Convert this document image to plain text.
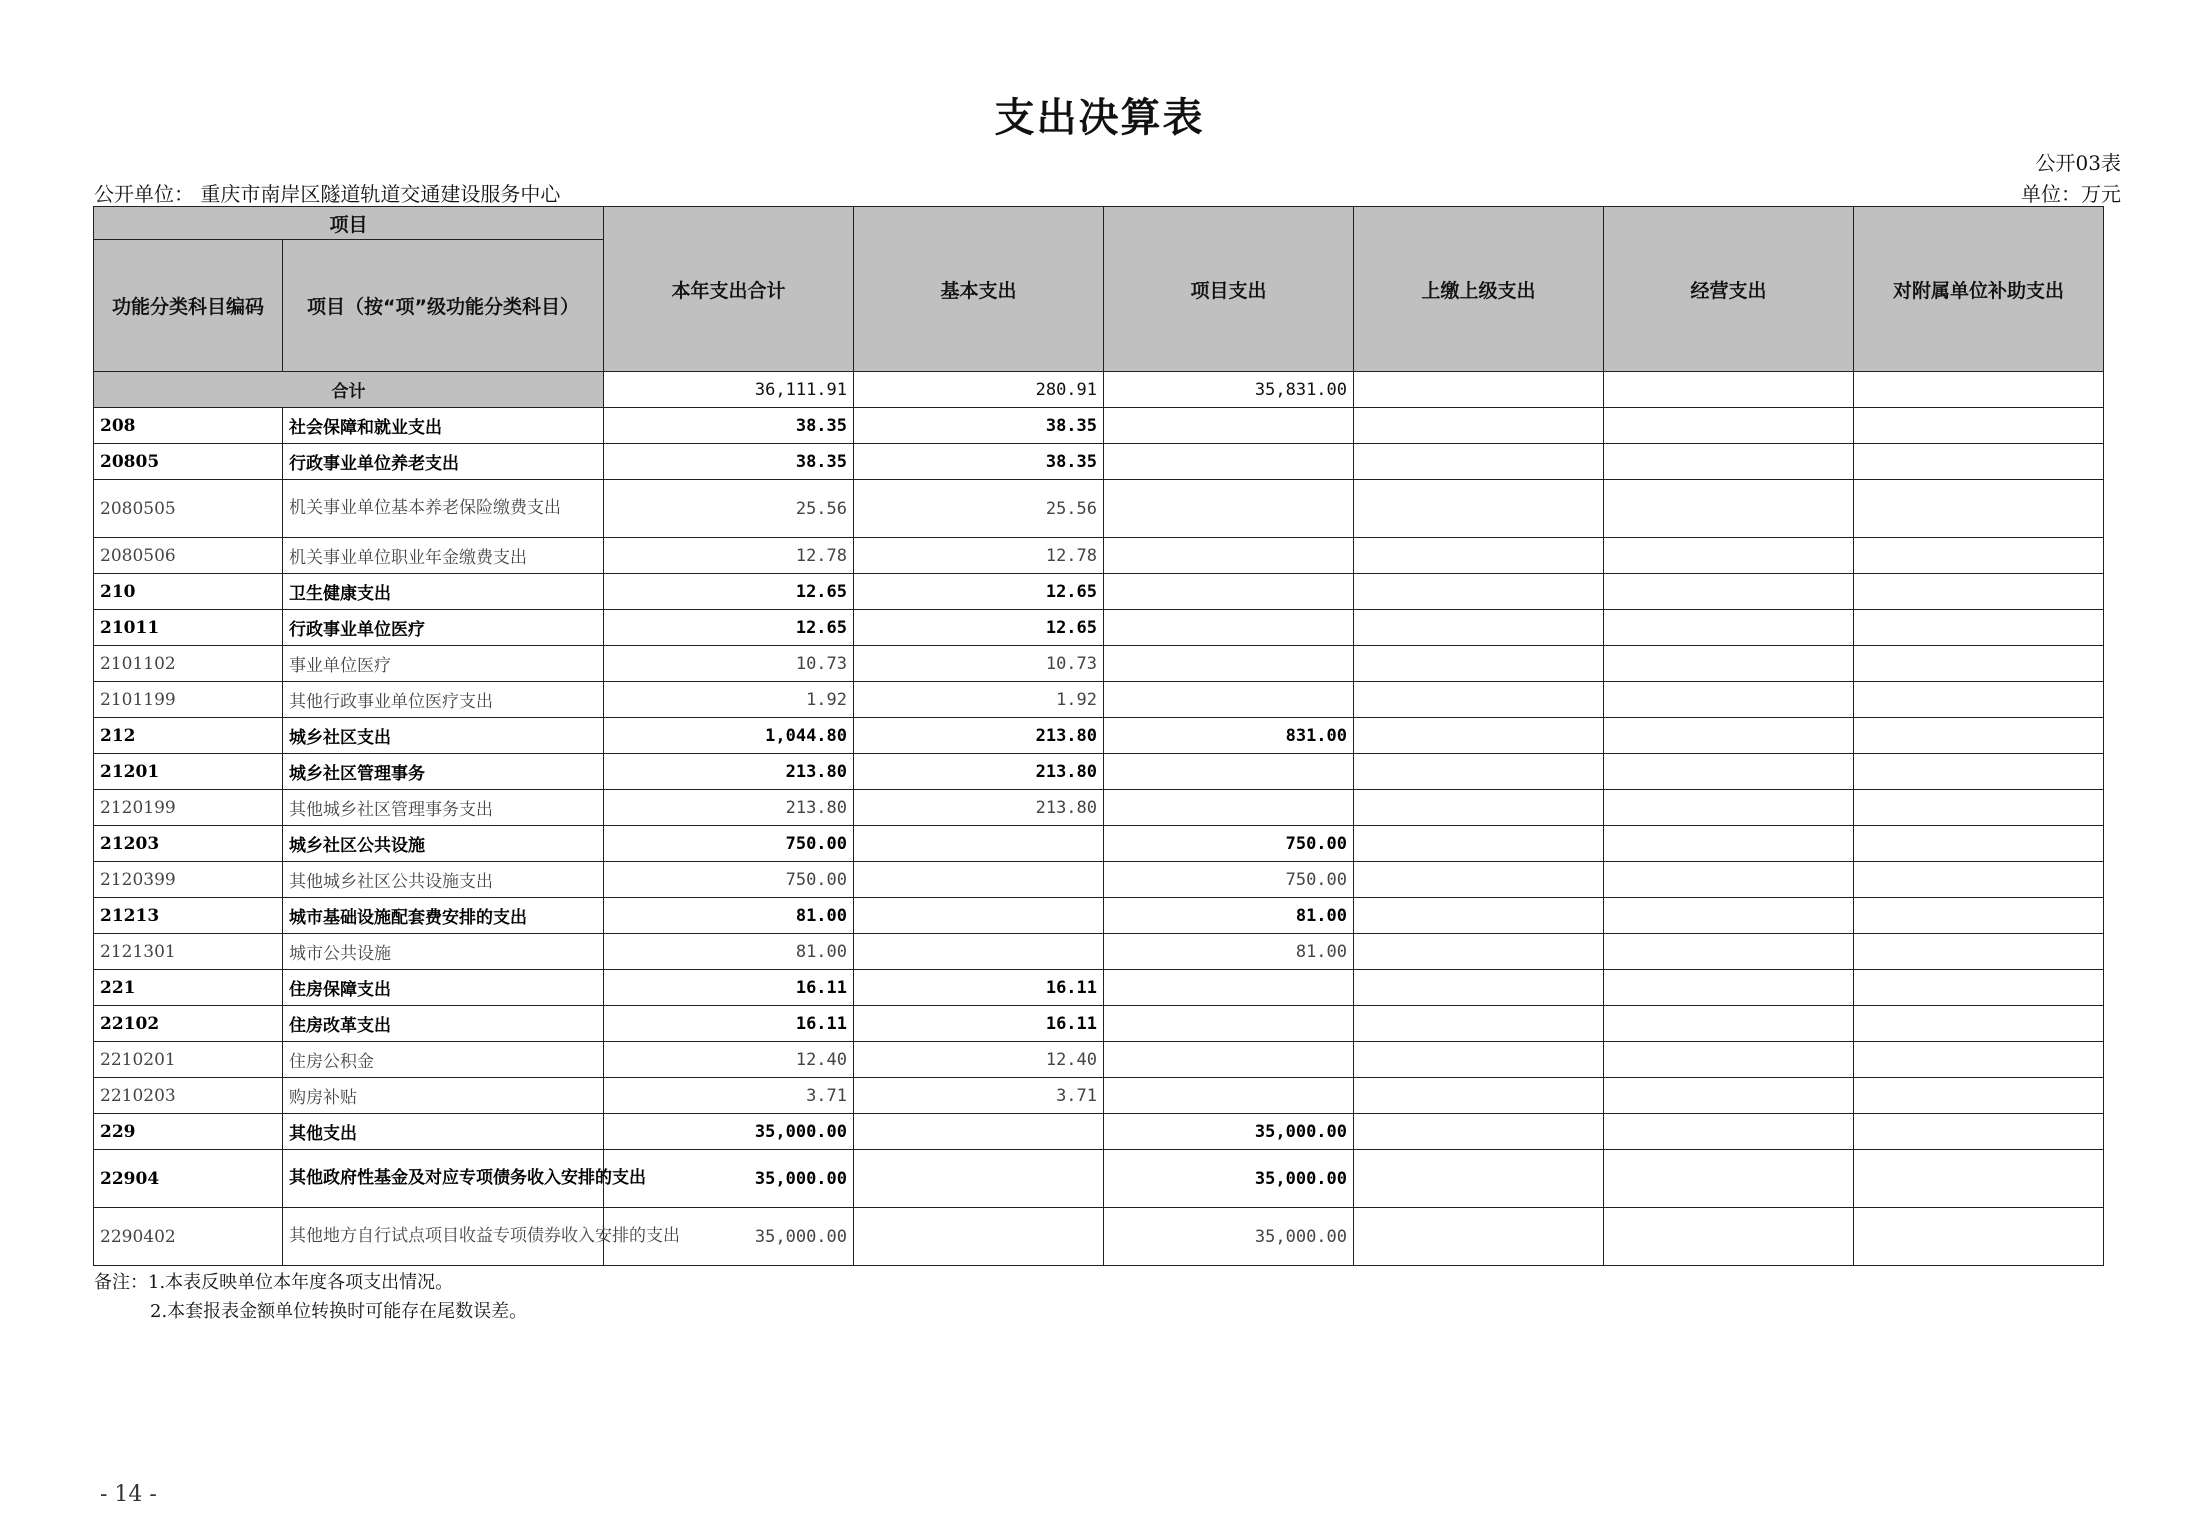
支出决算表
公开03表
公开单位： 重庆市南岸区隧道轨道交通建设服务中心	单位：万元
项目		本年支出合计	基本支出	项目支出	上缴上级支出	经营支出	对附属单位补助支出
功能分类科目编码	项目（按“项”级功能分类科目）						
合计		36,111.91	280.91	35,831.00			
208	社会保障和就业支出	38.35	38.35				
20805	行政事业单位养老支出	38.35	38.35				
2080505	机关事业单位基本养老保险缴费支出	25.56	25.56				
2080506	机关事业单位职业年金缴费支出	12.78	12.78				
210	卫生健康支出	12.65	12.65				
21011	行政事业单位医疗	12.65	12.65				
2101102	事业单位医疗	10.73	10.73				
2101199	其他行政事业单位医疗支出	1.92	1.92				
212	城乡社区支出	1,044.80	213.80	831.00			
21201	城乡社区管理事务	213.80	213.80				
2120199	其他城乡社区管理事务支出	213.80	213.80				
21203	城乡社区公共设施	750.00		750.00			
2120399	其他城乡社区公共设施支出	750.00		750.00			
21213	城市基础设施配套费安排的支出	81.00		81.00			
2121301	城市公共设施	81.00		81.00			
221	住房保障支出	16.11	16.11				
22102	住房改革支出	16.11	16.11				
2210201	住房公积金	12.40	12.40				
2210203	购房补贴	3.71	3.71				
229	其他支出	35,000.00		35,000.00			
22904	其他政府性基金及对应专项债务收入安排的支出	35,000.00		35,000.00			
2290402	其他地方自行试点项目收益专项债券收入安排的支出	35,000.00		35,000.00			
备注：1.本表反映单位本年度各项支出情况。
2.本套报表金额单位转换时可能存在尾数误差。
- 14 -
